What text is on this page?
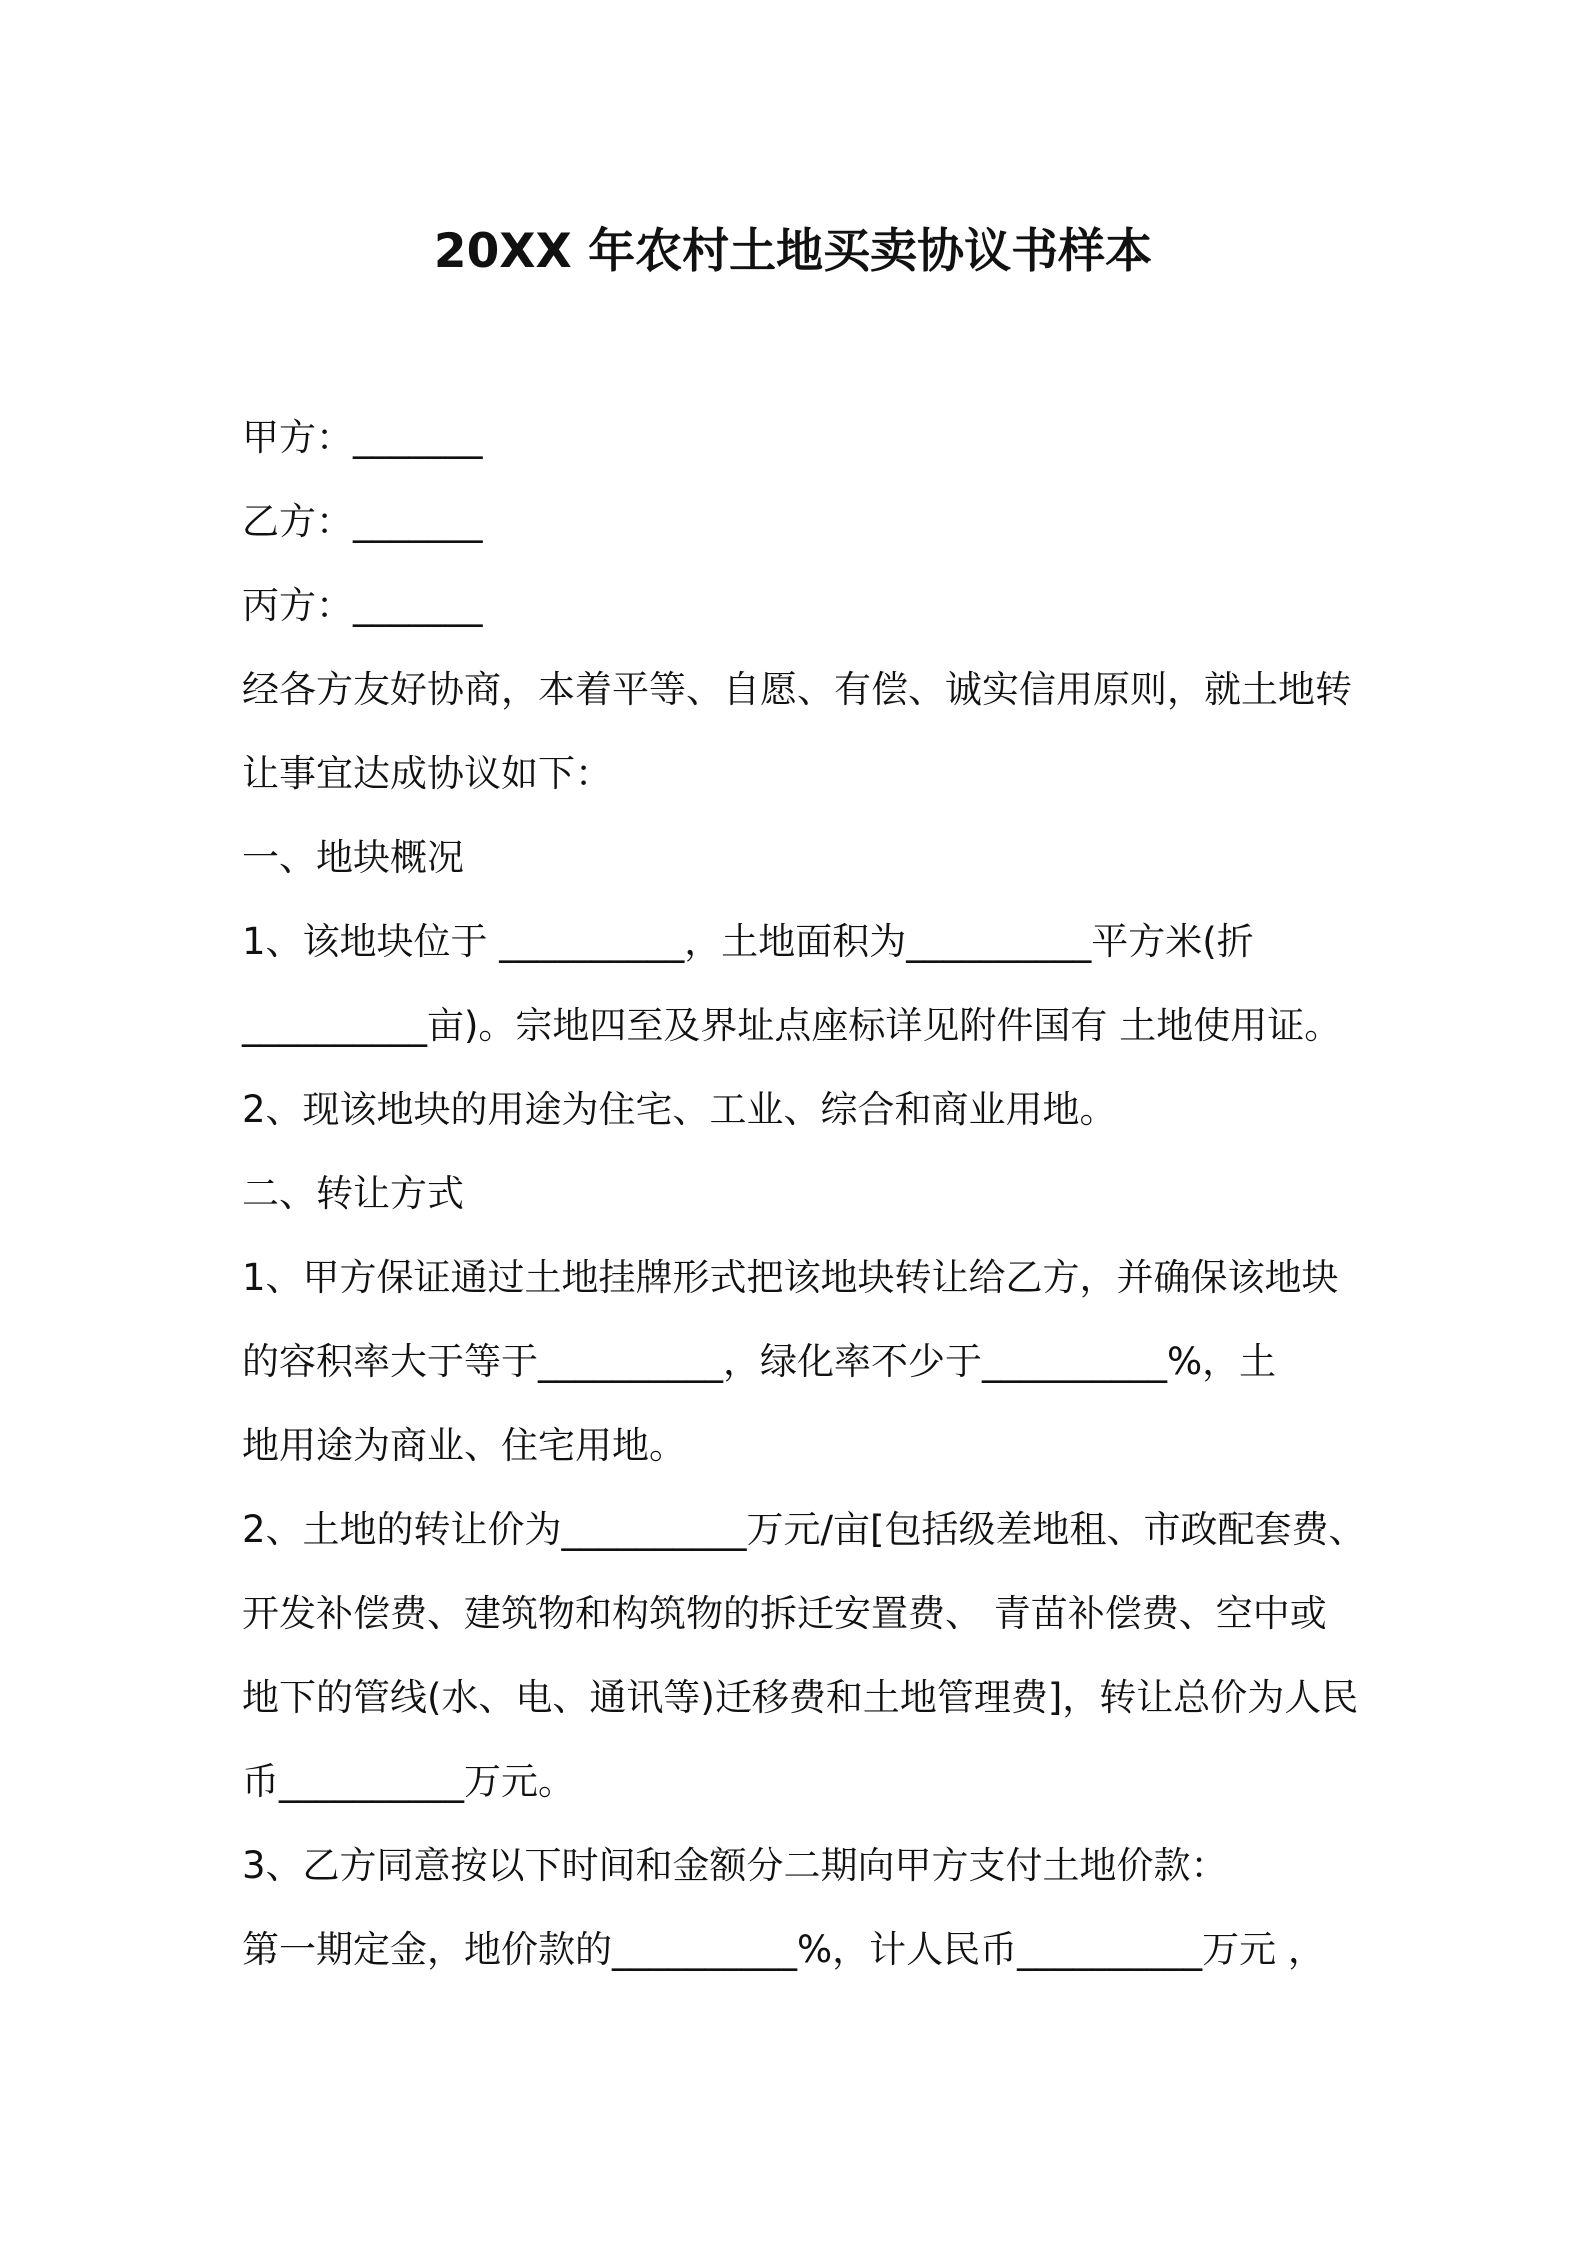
20XX 年农村土地买卖协议书样本
甲方：_______
乙方：_______
丙方：_______
经各方友好协商，本着平等、自愿、有偿、诚实信用原则，就土地转
让事宜达成协议如下：
一、地块概况
1、该地块位于 __________，土地面积为__________平方米(折
__________亩)。宗地四至及界址点座标详见附件国有 土地使用证。
2、现该地块的用途为住宅、工业、综合和商业用地。
二、转让方式
1、甲方保证通过土地挂牌形式把该地块转让给乙方，并确保该地块
的容积率大于等于__________，绿化率不少于__________%，土
地用途为商业、住宅用地。
2、土地的转让价为__________万元/亩[包括级差地租、市政配套费、
开发补偿费、建筑物和构筑物的拆迁安置费、 青苗补偿费、空中或
地下的管线(水、电、通讯等)迁移费和土地管理费]，转让总价为人民
币__________万元。
3、乙方同意按以下时间和金额分二期向甲方支付土地价款：
第一期定金，地价款的__________%，计人民币__________万元 ，
